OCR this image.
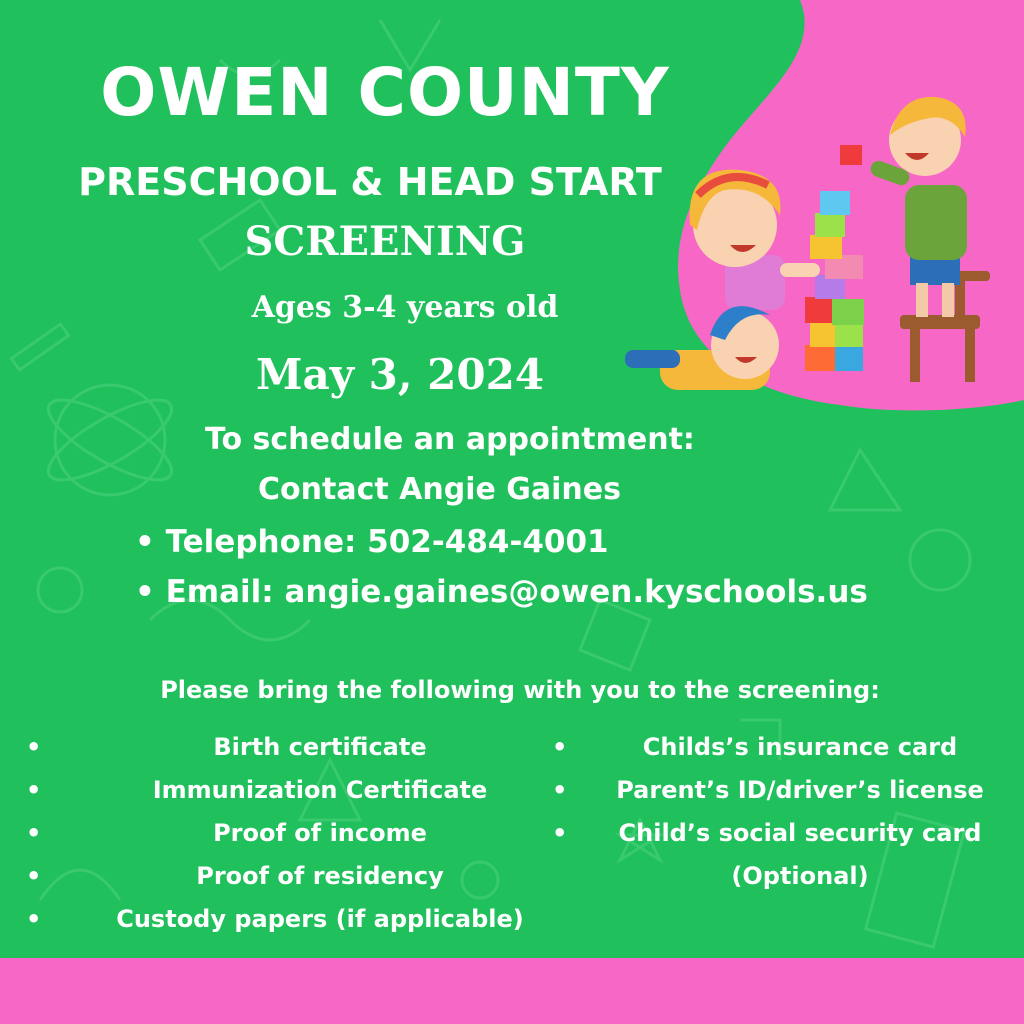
OWEN COUNTY
PRESCHOOL & HEAD START
SCREENING
Ages 3-4 years old
May 3, 2024
To schedule an appointment:
Contact Angie Gaines
• Telephone: 502-484-4001
• Email: angie.gaines@owen.kyschools.us
Please bring the following with you to the screening:
•	Birth certificate
•	Immunization Certificate
•	Proof of income
•	Proof of residency
•	Custody papers (if applicable)
•	Childs’s insurance card
•	Parent’s ID/driver’s license
•	Child’s social security card
(Optional)
